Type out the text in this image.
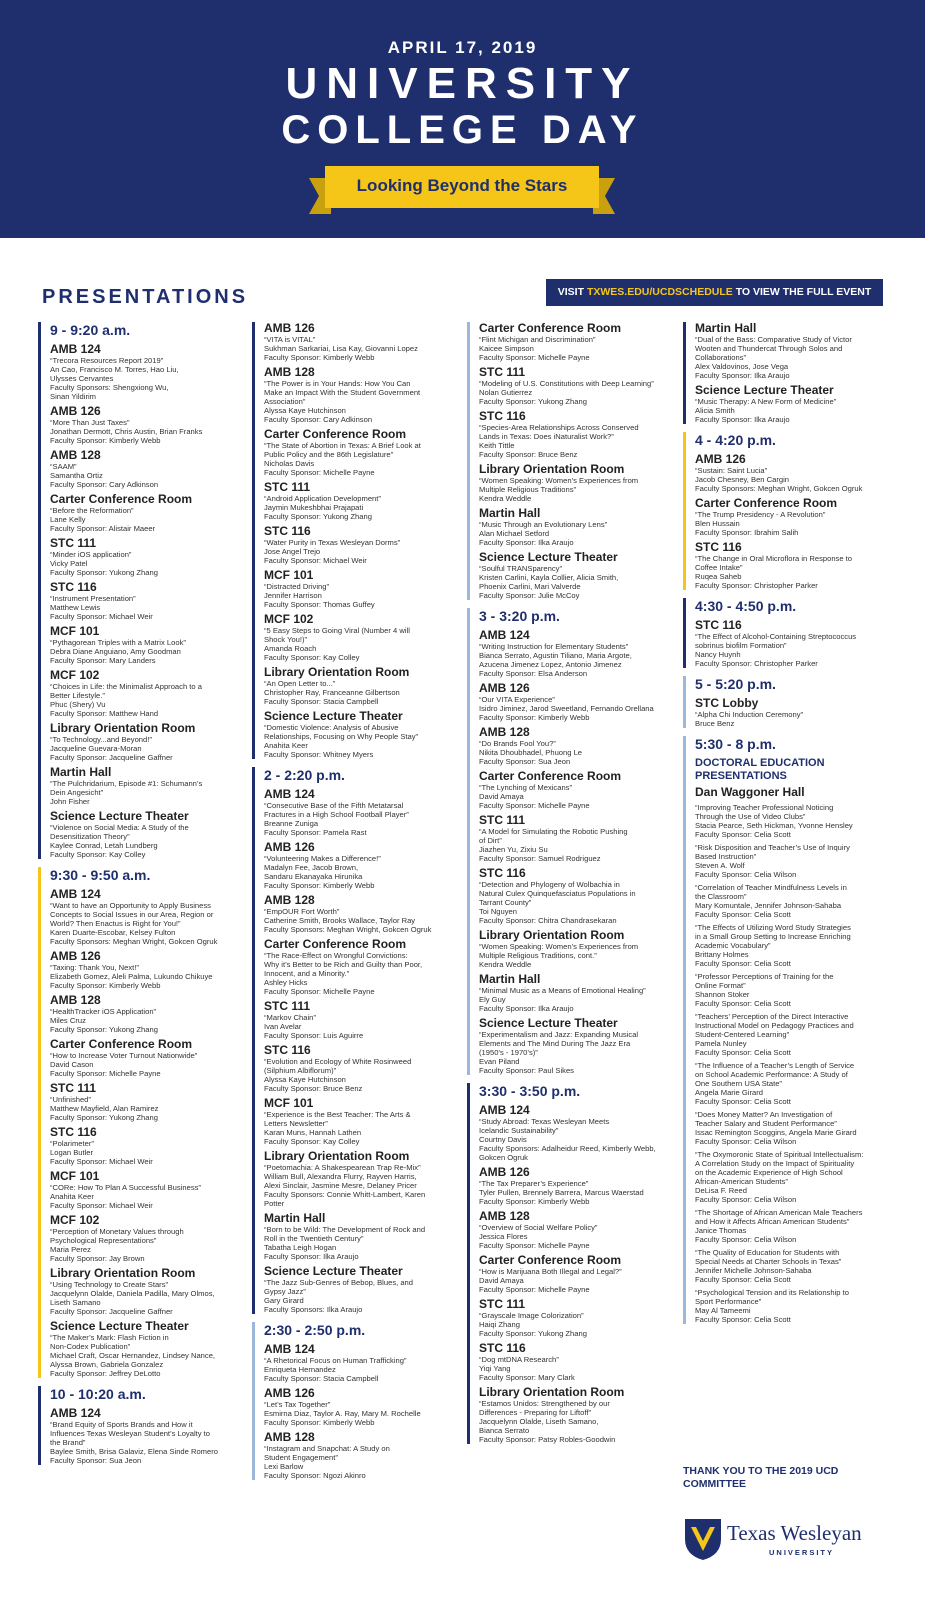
APRIL 17, 2019
UNIVERSITY
COLLEGE DAY
Looking Beyond the Stars
PRESENTATIONS	VISIT TXWES.EDU/UCDSCHEDULE TO VIEW THE FULL EVENT SCHEDULE
9 - 9:20 a.m.
AMB 124
“Trecora Resources Report 2019”
An Cao, Francisco M. Torres, Hao Liu,
Ulysses Cervantes
Faculty Sponsors: Shengxiong Wu,
Sinan Yildirim
AMB 126
“More Than Just Taxes”
Jonathan Dermott, Chris Austin, Brian Franks
Faculty Sponsor: Kimberly Webb
AMB 128
“SAAM”
Samantha Ortiz
Faculty Sponsor: Cary Adkinson
Carter Conference Room
“Before the Reformation”
Lane Kelly
Faculty Sponsor: Alistair Maeer
STC 111
“Minder iOS application”
Vicky Patel
Faculty Sponsor: Yukong Zhang
STC 116
“Instrument Presentation”
Matthew Lewis
Faculty Sponsor: Michael Weir
MCF 101
“Pythagorean Triples with a Matrix Look”
Debra Diane Anguiano, Amy Goodman
Faculty Sponsor: Mary Landers
MCF 102
“Choices in Life: the Minimalist Approach to a
Better Lifestyle.”
Phuc (Shery) Vu
Faculty Sponsor: Matthew Hand
Library Orientation Room
“To Technology...and Beyond!”
Jacqueline Guevara-Moran
Faculty Sponsor: Jacqueline Gaffner
Martin Hall
“The Pulchridarium, Episode #1: Schumann’s
Dein Angesicht”
John Fisher
Science Lecture Theater
“Violence on Social Media: A Study of the
Desensitization Theory”
Kaylee Conrad, Letah Lundberg
Faculty Sponsor: Kay Colley
9:30 - 9:50 a.m.
AMB 124
“Want to have an Opportunity to Apply Business
Concepts to Social Issues in our Area, Region or
World? Then Enactus is Right for You!”
Karen Duarte-Escobar, Kelsey Fulton
Faculty Sponsors: Meghan Wright, Gokcen Ogruk
AMB 126
“Taxing: Thank You, Next!”
Elizabeth Gomez, Aleli Palma, Lukundo Chikuye
Faculty Sponsor: Kimberly Webb
AMB 128
“HealthTracker iOS Application”
Miles Cruz
Faculty Sponsor: Yukong Zhang
Carter Conference Room
“How to Increase Voter Turnout Nationwide”
David Cason
Faculty Sponsor: Michelle Payne
STC 111
“Unfinished”
Matthew Mayfield, Alan Ramirez
Faculty Sponsor: Yukong Zhang
STC 116
“Polarimeter”
Logan Butler
Faculty Sponsor: Michael Weir
MCF 101
“CORe: How To Plan A Successful Business”
Anahita Keer
Faculty Sponsor: Michael Weir
MCF 102
“Perception of Monetary Values through
Psychological Representations”
Maria Perez
Faculty Sponsor: Jay Brown
Library Orientation Room
“Using Technology to Create Stars”
Jacquelynn Olalde, Daniela Padilla, Mary Olmos,
Liseth Samano
Faculty Sponsor: Jacqueline Gaffner
Science Lecture Theater
“The Maker’s Mark: Flash Fiction in
Non-Codex Publication”
Michael Craft, Oscar Hernandez, Lindsey Nance,
Alyssa Brown, Gabriela Gonzalez
Faculty Sponsor: Jeffrey DeLotto
10 - 10:20 a.m.
AMB 124
“Brand Equity of Sports Brands and How it
Influences Texas Wesleyan Student’s Loyalty to
the Brand”
Baylee Smith, Brisa Galaviz, Elena Sinde Romero
Faculty Sponsor: Sua Jeon
AMB 126
“VITA is VITAL”
Sukhman Sarkariai, Lisa Kay, Giovanni Lopez
Faculty Sponsor: Kimberly Webb
AMB 128
“The Power is in Your Hands: How You Can
Make an Impact With the Student Government
Association”
Alyssa Kaye Hutchinson
Faculty Sponsor: Cary Adkinson
Carter Conference Room
“The State of Abortion in Texas: A Brief Look at
Public Policy and the 86th Legislature”
Nicholas Davis
Faculty Sponsor: Michelle Payne
STC 111
“Android Application Development”
Jaymin Mukeshbhai Prajapati
Faculty Sponsor: Yukong Zhang
STC 116
“Water Purity in Texas Wesleyan Dorms”
Jose Angel Trejo
Faculty Sponsor: Michael Weir
MCF 101
“Distracted Driving”
Jennifer Harrison
Faculty Sponsor: Thomas Guffey
MCF 102
“5 Easy Steps to Going Viral (Number 4 will
Shock You!)”
Amanda Roach
Faculty Sponsor: Kay Colley
Library Orientation Room
“An Open Letter to...”
Christopher Ray, Franceanne Gilbertson
Faculty Sponsor: Stacia Campbell
Science Lecture Theater
“Domestic Violence: Analysis of Abusive
Relationships, Focusing on Why People Stay”
Anahita Keer
Faculty Sponsor: Whitney Myers
2 - 2:20 p.m.
AMB 124
“Consecutive Base of the Fifth Metatarsal
Fractures in a High School Football Player”
Breanne Zuniga
Faculty Sponsor: Pamela Rast
AMB 126
“Volunteering Makes a Difference!”
Madalyn Fee, Jacob Brown,
Sandaru Ekanayaka Hirunika
Faculty Sponsor: Kimberly Webb
AMB 128
“EmpOUR Fort Worth”
Catherine Smith, Brooks Wallace, Taylor Ray
Faculty Sponsors: Meghan Wright, Gokcen Ogruk
Carter Conference Room
“The Race-Effect on Wrongful Convictions:
Why it’s Better to be Rich and Guilty than Poor,
Innocent, and a Minority.”
Ashley Hicks
Faculty Sponsor: Michelle Payne
STC 111
“Markov Chain”
Ivan Avelar
Faculty Sponsor: Luis Aguirre
STC 116
“Evolution and Ecology of White Rosinweed
(Silphium Albiflorum)”
Alyssa Kaye Hutchinson
Faculty Sponsor: Bruce Benz
MCF 101
“Experience is the Best Teacher: The Arts &
Letters Newsletter”
Karan Muns, Hannah Lathen
Faculty Sponsor: Kay Colley
Library Orientation Room
“Poetomachia: A Shakespearean Trap Re-Mix”
William Bull, Alexandra Flurry, Rayven Harris,
Alexi Sinclair, Jasmine Mesre, Delaney Pricer
Faculty Sponsors: Connie Whitt-Lambert, Karen
Potter
Martin Hall
“Born to be Wild: The Development of Rock and
Roll in the Twentieth Century”
Tabatha Leigh Hogan
Faculty Sponsor: Ilka Araujo
Science Lecture Theater
“The Jazz Sub-Genres of Bebop, Blues, and
Gypsy Jazz”
Gary Girard
Faculty Sponsors: Ilka Araujo
2:30 - 2:50 p.m.
AMB 124
“A Rhetorical Focus on Human Trafficking”
Enriqueta Hernandez
Faculty Sponsor: Stacia Campbell
AMB 126
“Let’s Tax Together”
Esmirna Diaz, Taylor A. Ray, Mary M. Rochelle
Faculty Sponsor: Kimberly Webb
AMB 128
“Instagram and Snapchat: A Study on
Student Engagement”
Lexi Barlow
Faculty Sponsor: Ngozi Akinro
Carter Conference Room
“Flint Michigan and Discrimination”
Kaicee Simpson
Faculty Sponsor: Michelle Payne
STC 111
“Modeling of U.S. Constitutions with Deep Learning”
Nolan Gutierrez
Faculty Sponsor: Yukong Zhang
STC 116
“Species-Area Relationships Across Conserved
Lands in Texas: Does iNaturalist Work?”
Keith Tittle
Faculty Sponsor: Bruce Benz
Library Orientation Room
“Women Speaking: Women’s Experiences from
Multiple Religious Traditions”
Kendra Weddle
Martin Hall
“Music Through an Evolutionary Lens”
Alan Michael Setford
Faculty Sponsor: Ilka Araujo
Science Lecture Theater
“Soulful TRANSparency”
Kristen Carlini, Kayla Collier, Alicia Smith,
Phoenix Carlini, Mari Valverde
Faculty Sponsor: Julie McCoy
3 - 3:20 p.m.
AMB 124
“Writing Instruction for Elementary Students”
Bianca Serrato, Agustin Tiliano, Maria Argote,
Azucena Jimenez Lopez, Antonio Jimenez
Faculty Sponsor: Elsa Anderson
AMB 126
“Our VITA Experience”
Isidro Jiminez, Jarod Sweetland, Fernando Orellana
Faculty Sponsor: Kimberly Webb
AMB 128
“Do Brands Fool You?”
Nikita Dhoubhadel, Phuong Le
Faculty Sponsor: Sua Jeon
Carter Conference Room
“The Lynching of Mexicans”
David Amaya
Faculty Sponsor: Michelle Payne
STC 111
“A Model for Simulating the Robotic Pushing
of Dirt”
Jiazhen Yu, Zixiu Su
Faculty Sponsor: Samuel Rodriguez
STC 116
“Detection and Phylogeny of Wolbachia in
Natural Culex Quinquefasciatus Populations in
Tarrant County”
Toi Nguyen
Faculty Sponsor: Chitra Chandrasekaran
Library Orientation Room
“Women Speaking: Women’s Experiences from
Multiple Religious Traditions, cont.”
Kendra Weddle
Martin Hall
“Minimal Music as a Means of Emotional Healing”
Ely Guy
Faculty Sponsor: Ilka Araujo
Science Lecture Theater
“Experimentalism and Jazz: Expanding Musical
Elements and The Mind During The Jazz Era
(1950’s - 1970’s)”
Evan Piland
Faculty Sponsor: Paul Sikes
3:30 - 3:50 p.m.
AMB 124
“Study Abroad: Texas Wesleyan Meets
Icelandic Sustainability”
Courtny Davis
Faculty Sponsors: Adalheidur Reed, Kimberly Webb,
Gokcen Ogruk
AMB 126
“The Tax Preparer’s Experience”
Tyler Pullen, Brennely Barrera, Marcus Waerstad
Faculty Sponsor: Kimberly Webb
AMB 128
“Overview of Social Welfare Policy”
Jessica Flores
Faculty Sponsor: Michelle Payne
Carter Conference Room
“How is Marijuana Both Illegal and Legal?”
David Amaya
Faculty Sponsor: Michelle Payne
STC 111
“Grayscale Image Colorization”
Haiqi Zhang
Faculty Sponsor: Yukong Zhang
STC 116
“Dog mtDNA Research”
Yiqi Yang
Faculty Sponsor: Mary Clark
Library Orientation Room
“Estamos Unidos: Strengthened by our
Differences - Preparing for Liftoff”
Jacquelynn Olalde, Liseth Samano,
Bianca Serrato
Faculty Sponsor: Patsy Robles-Goodwin
Martin Hall
“Dual of the Bass: Comparative Study of Victor
Wooten and Thundercat Through Solos and
Collaborations”
Alex Valdovinos, Jose Vega
Faculty Sponsor: Ilka Araujo
Science Lecture Theater
“Music Therapy: A New Form of Medicine”
Alicia Smith
Faculty Sponsor: Ilka Araujo
4 - 4:20 p.m.
AMB 126
“Sustain: Saint Lucia”
Jacob Chesney, Ben Cargin
Faculty Sponsors: Meghan Wright, Gokcen Ogruk
Carter Conference Room
“The Trump Presidency - A Revolution”
Blen Hussain
Faculty Sponsor: Ibrahim Salih
STC 116
“The Change in Oral Microflora in Response to
Coffee Intake”
Ruqea Saheb
Faculty Sponsor: Christopher Parker
4:30 - 4:50 p.m.
STC 116
“The Effect of Alcohol-Containing Streptococcus
sobrinus biofilm Formation”
Nancy Huynh
Faculty Sponsor: Christopher Parker
5 - 5:20 p.m.
STC Lobby
“Alpha Chi Induction Ceremony”
Bruce Benz
5:30 - 8 p.m.
DOCTORAL EDUCATION PRESENTATIONS
Dan Waggoner Hall
“Improving Teacher Professional Noticing
Through the Use of Video Clubs”
Stacia Pearce, Seth Hickman, Yvonne Hensley
Faculty Sponsor: Celia Scott
“Risk Disposition and Teacher’s Use of Inquiry
Based Instruction”
Steven A. Wolf
Faculty Sponsor: Celia Wilson
“Correlation of Teacher Mindfulness Levels in
the Classroom”
Mary Komuntale, Jennifer Johnson-Sahaba
Faculty Sponsor: Celia Scott
“The Effects of Utilizing Word Study Strategies
in a Small Group Setting to Increase Enriching
Academic Vocabulary”
Brittany Holmes
Faculty Sponsor: Celia Scott
“Professor Perceptions of Training for the
Online Format”
Shannon Stoker
Faculty Sponsor: Celia Scott
“Teachers’ Perception of the Direct Interactive
Instructional Model on Pedagogy Practices and
Student-Centered Learning”
Pamela Nunley
Faculty Sponsor: Celia Scott
“The Influence of a Teacher’s Length of Service
on School Academic Performance: A Study of
One Southern USA State”
Angela Marie Girard
Faculty Sponsor: Celia Scott
“Does Money Matter? An Investigation of
Teacher Salary and Student Performance”
Issac Remington Scoggins, Angela Marie Girard
Faculty Sponsor: Celia Wilson
“The Oxymoronic State of Spiritual Intellectualism:
A Correlation Study on the Impact of Spirituality
on the Academic Experience of High School
African-American Students”
DeLisa F. Reed
Faculty Sponsor: Celia Wilson
“The Shortage of African American Male Teachers
and How it Affects African American Students”
Janice Thomas
Faculty Sponsor: Celia Wilson
“The Quality of Education for Students with
Special Needs at Charter Schools in Texas”
Jennifer Michelle Johnson-Sahaba
Faculty Sponsor: Celia Scott
“Psychological Tension and its Relationship to
Sport Performance”
May Al Tameemi
Faculty Sponsor: Celia Scott
THANK YOU TO THE 2019 UCD COMMITTEE
Texas Wesleyan
UNIVERSITY
